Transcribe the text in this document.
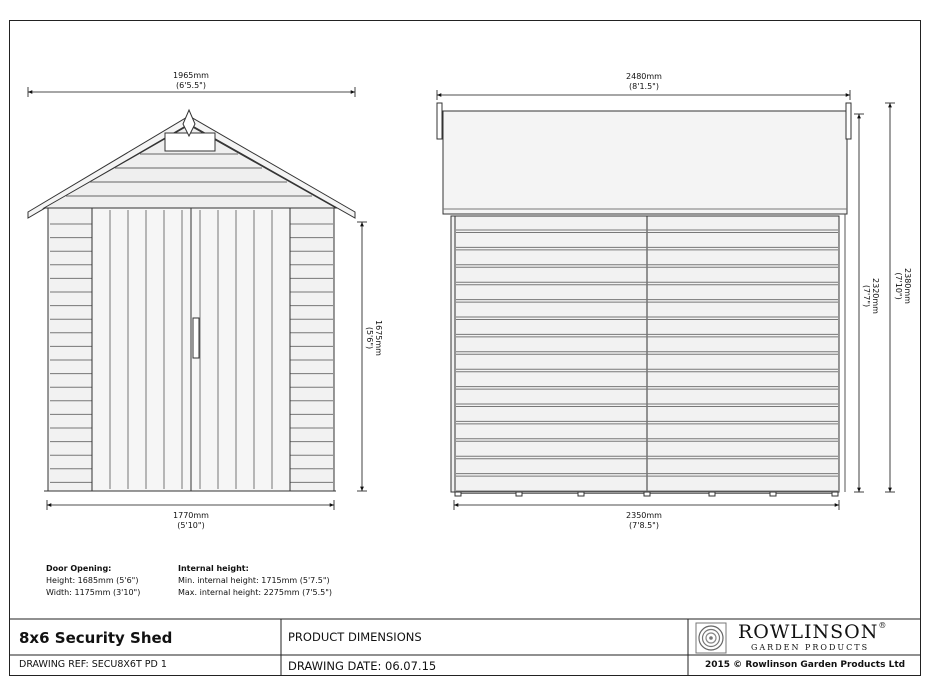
1965mm
(6'5.5")
1770mm
(5'10")
1675mm
(5'6")
2480mm
(8'1.5")
2350mm
(7'8.5")
2320mm
(7'7")	2380mm
(7'10")
Door Opening:
Height: 1685mm (5'6")
Width: 1175mm (3'10")
Internal height:
Min. internal height: 1715mm (5'7.5")
Max. internal height: 2275mm (7'5.5")
8x6 Security Shed
DRAWING REF: SECU8X6T PD 1
PRODUCT DIMENSIONS
DRAWING DATE: 06.07.15
ROWLINSON®
GARDEN PRODUCTS
2015 © Rowlinson Garden Products Ltd
